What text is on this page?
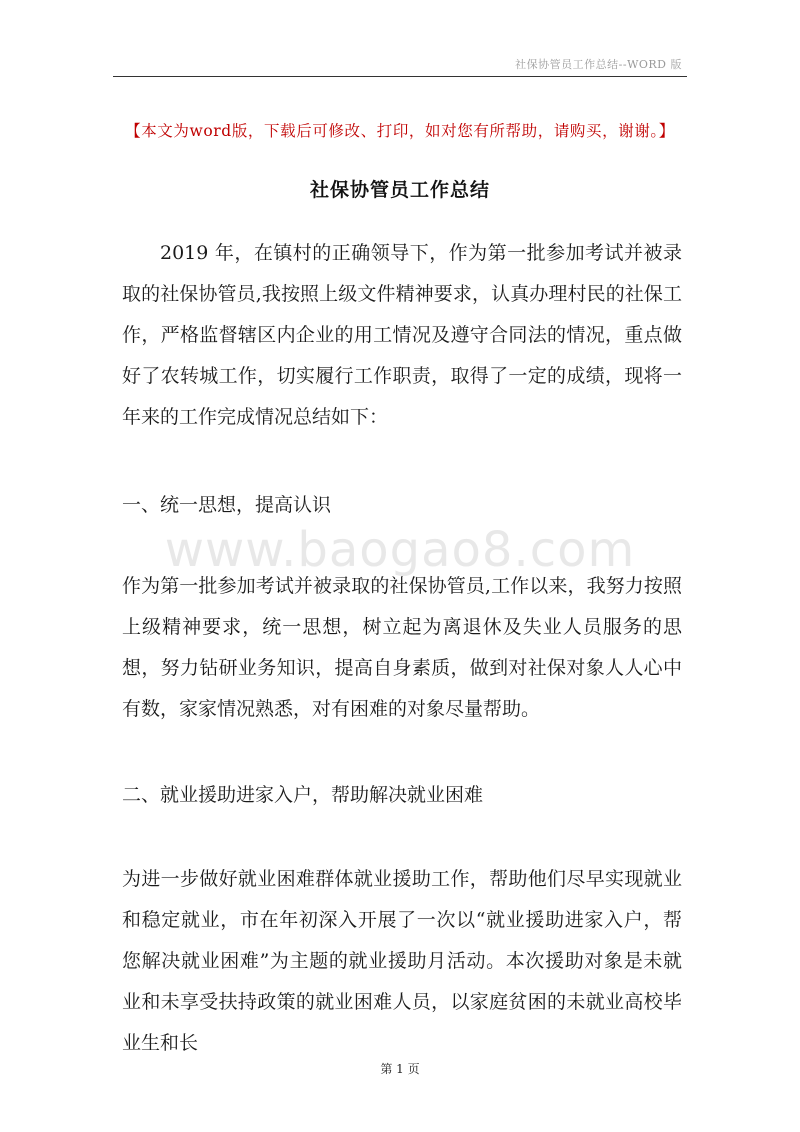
社保协管员工作总结--WORD 版
【本文为word版，下载后可修改、打印，如对您有所帮助，请购买，谢谢。】
社保协管员工作总结

2019 年，在镇村的正确领导下，作为第一批参加考试并被录取的社保协管员,我按照上级文件精神要求，认真办理村民的社保工作，严格监督辖区内企业的用工情况及遵守合同法的情况，重点做好了农转城工作，切实履行工作职责，取得了一定的成绩，现将一年来的工作完成情况总结如下：

一、统一思想，提高认识

www.baogao8.com

作为第一批参加考试并被录取的社保协管员,工作以来，我努力按照上级精神要求，统一思想，树立起为离退休及失业人员服务的思想，努力钻研业务知识，提高自身素质，做到对社保对象人人心中有数，家家情况熟悉，对有困难的对象尽量帮助。

二、就业援助进家入户，帮助解决就业困难

为进一步做好就业困难群体就业援助工作，帮助他们尽早实现就业和稳定就业，市在年初深入开展了一次以“就业援助进家入户，帮您解决就业困难”为主题的就业援助月活动。本次援助对象是未就业和未享受扶持政策的就业困难人员，以家庭贫困的未就业高校毕业生和长

第 1 页
